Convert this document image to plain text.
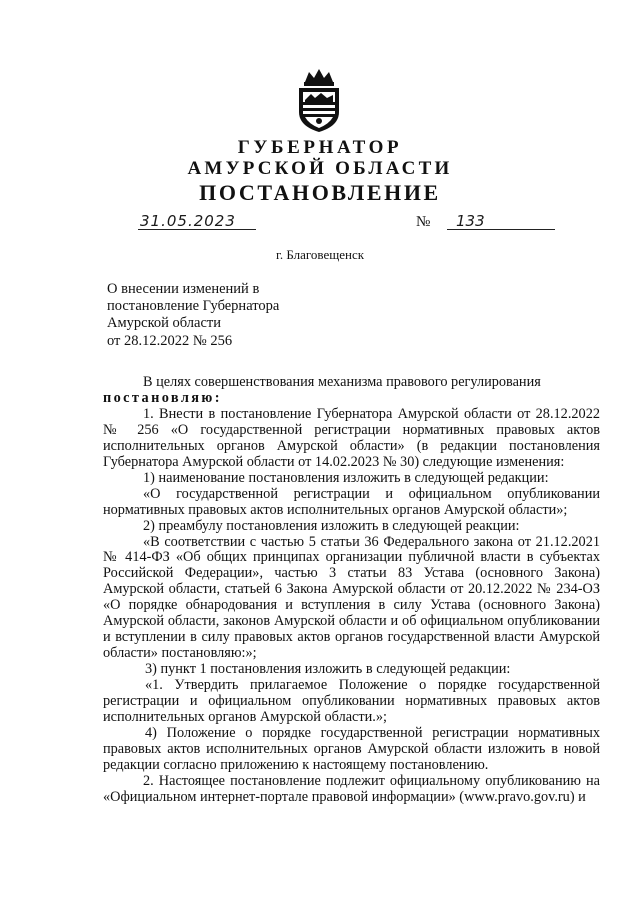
ГУБЕРНАТОР
АМУРСКОЙ ОБЛАСТИ
ПОСТАНОВЛЕНИЕ
31.05.2023	№ 133
г. Благовещенск
О внесении изменений в
постановление Губернатора
Амурской области
от 28.12.2022 № 256

В целях совершенствования механизма правового регулирования

постановляю:

1. Внести в постановление Губернатора Амурской области от 28.12.2022 № 256 «О государственной регистрации нормативных правовых актов исполнительных органов Амурской области» (в редакции постановления Губернатора Амурской области от 14.02.2023 № 30) следующие изменения:

1) наименование постановления изложить в следующей редакции:

«О государственной регистрации и официальном опубликовании нормативных правовых актов исполнительных органов Амурской области»;

2) преамбулу постановления изложить в следующей реакции:

«В соответствии с частью 5 статьи 36 Федерального закона от 21.12.2021 № 414-ФЗ «Об общих принципах организации публичной власти в субъектах Российской Федерации», частью 3 статьи 83 Устава (основного Закона) Амурской области, статьей 6 Закона Амурской области от 20.12.2022 № 234-ОЗ «О порядке обнародования и вступления в силу Устава (основного Закона) Амурской области, законов Амурской области и об официальном опубликовании и вступлении в силу правовых актов органов государственной власти Амурской области» постановляю:»;

3) пункт 1 постановления изложить в следующей редакции:

«1. Утвердить прилагаемое Положение о порядке государственной регистрации и официальном опубликовании нормативных правовых актов исполнительных органов Амурской области.»;

4) Положение о порядке государственной регистрации нормативных правовых актов исполнительных органов Амурской области изложить в новой редакции согласно приложению к настоящему постановлению.

2. Настоящее постановление подлежит официальному опубликованию на «Официальном интернет-портале правовой информации» (www.pravo.gov.ru) и
